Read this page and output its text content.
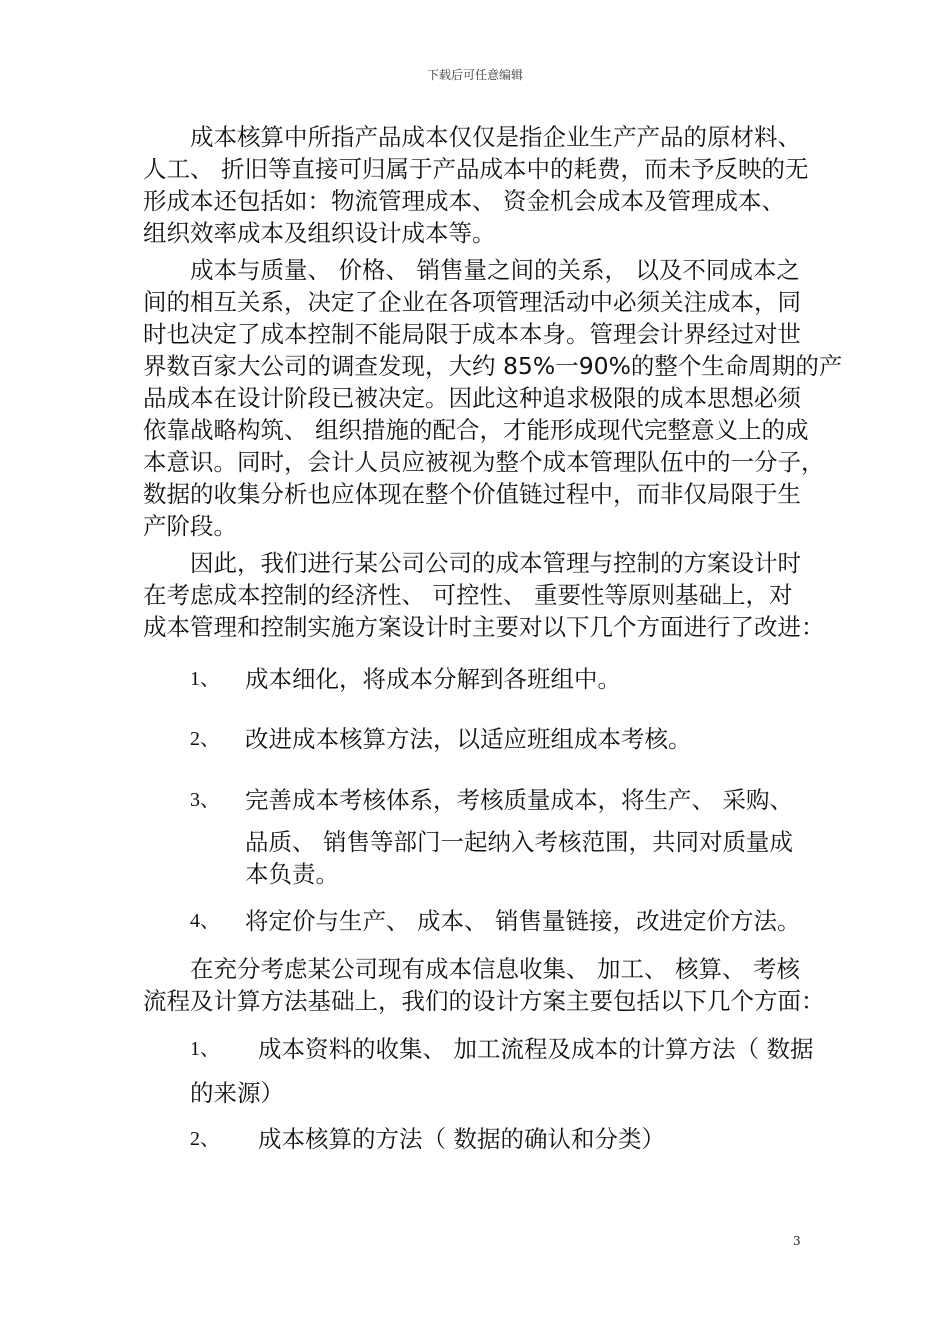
下载后可任意编辑
成本核算中所指产品成本仅仅是指企业生产产品的原材料、
人工、 折旧等直接可归属于产品成本中的耗费，而未予反映的无
形成本还包括如：物流管理成本、 资金机会成本及管理成本、
组织效率成本及组织设计成本等。
成本与质量、 价格、 销售量之间的关系， 以及不同成本之
间的相互关系，决定了企业在各项管理活动中必须关注成本，同
时也决定了成本控制不能局限于成本本身。管理会计界经过对世
界数百家大公司的调查发现，大约 85%一90%的整个生命周期的产
品成本在设计阶段已被决定。因此这种追求极限的成本思想必须
依靠战略构筑、 组织措施的配合，才能形成现代完整意义上的成
本意识。同时，会计人员应被视为整个成本管理队伍中的一分子，
数据的收集分析也应体现在整个价值链过程中，而非仅局限于生
产阶段。
因此，我们进行某公司公司的成本管理与控制的方案设计时
在考虑成本控制的经济性、 可控性、 重要性等原则基础上，对
成本管理和控制实施方案设计时主要对以下几个方面进行了改进：
1、 成本细化，将成本分解到各班组中。
2、 改进成本核算方法，以适应班组成本考核。
3、 完善成本考核体系，考核质量成本，将生产、 采购、
品质、 销售等部门一起纳入考核范围，共同对质量成
本负责。
4、 将定价与生产、 成本、 销售量链接，改进定价方法。
在充分考虑某公司现有成本信息收集、 加工、 核算、 考核
流程及计算方法基础上，我们的设计方案主要包括以下几个方面：
1、 成本资料的收集、 加工流程及成本的计算方法（ 数据
的来源）
2、 成本核算的方法（ 数据的确认和分类）
3
